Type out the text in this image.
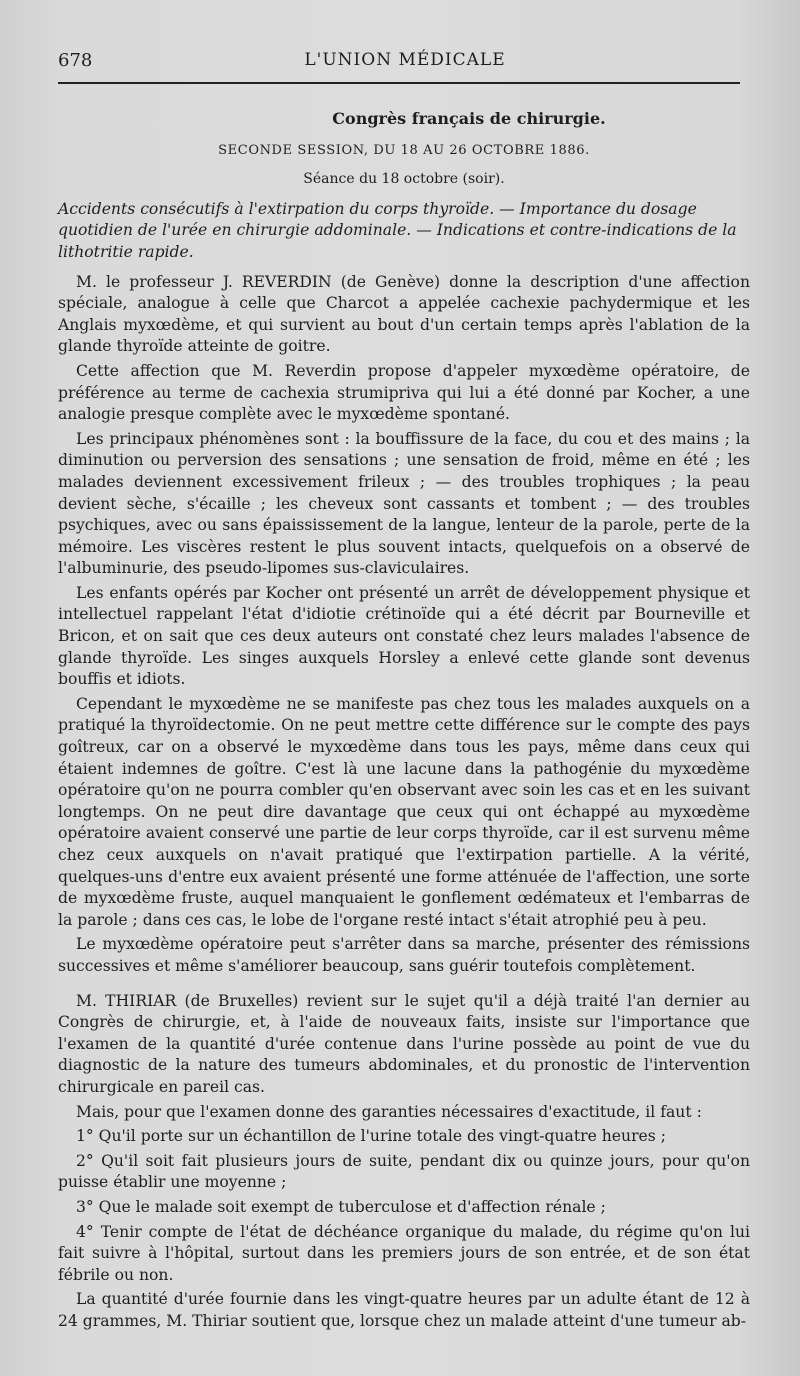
678	L'UNION MÉDICALE
Congrès français de chirurgie.
SECONDE SESSION, DU 18 AU 26 OCTOBRE 1886.
Séance du 18 octobre (soir).
Accidents consécutifs à l'extirpation du corps thyroïde. — Importance du dosage quotidien de l'urée en chirurgie addominale. — Indications et contre-indications de la lithotritie rapide.

M. le professeur J. REVERDIN (de Genève) donne la description d'une affection spéciale, analogue à celle que Charcot a appelée cachexie pachydermique et les Anglais myxœdème, et qui survient au bout d'un certain temps après l'ablation de la glande thyroïde atteinte de goitre.

Cette affection que M. Reverdin propose d'appeler myxœdème opératoire, de préférence au terme de cachexia strumipriva qui lui a été donné par Kocher, a une analogie presque complète avec le myxœdème spontané.

Les principaux phénomènes sont : la bouffissure de la face, du cou et des mains ; la diminution ou perversion des sensations ; une sensation de froid, même en été ; les malades deviennent excessivement frileux ; — des troubles trophiques ; la peau devient sèche, s'écaille ; les cheveux sont cassants et tombent ; — des troubles psychiques, avec ou sans épaississement de la langue, lenteur de la parole, perte de la mémoire. Les viscères restent le plus souvent intacts, quelquefois on a observé de l'albuminurie, des pseudo-lipomes sus-claviculaires.

Les enfants opérés par Kocher ont présenté un arrêt de développement physique et intellectuel rappelant l'état d'idiotie crétinoïde qui a été décrit par Bourneville et Bricon, et on sait que ces deux auteurs ont constaté chez leurs malades l'absence de glande thyroïde. Les singes auxquels Horsley a enlevé cette glande sont devenus bouffis et idiots.

Cependant le myxœdème ne se manifeste pas chez tous les malades auxquels on a pratiqué la thyroïdectomie. On ne peut mettre cette différence sur le compte des pays goîtreux, car on a observé le myxœdème dans tous les pays, même dans ceux qui étaient indemnes de goître. C'est là une lacune dans la pathogénie du myxœdème opératoire qu'on ne pourra combler qu'en observant avec soin les cas et en les suivant longtemps. On ne peut dire davantage que ceux qui ont échappé au myxœdème opératoire avaient conservé une partie de leur corps thyroïde, car il est survenu même chez ceux auxquels on n'avait pratiqué que l'extirpation partielle. A la vérité, quelques-uns d'entre eux avaient présenté une forme atténuée de l'affection, une sorte de myxœdème fruste, auquel manquaient le gonflement œdémateux et l'embarras de la parole ; dans ces cas, le lobe de l'organe resté intact s'était atrophié peu à peu.

Le myxœdème opératoire peut s'arrêter dans sa marche, présenter des rémissions successives et même s'améliorer beaucoup, sans guérir toutefois complètement.

M. THIRIAR (de Bruxelles) revient sur le sujet qu'il a déjà traité l'an dernier au Congrès de chirurgie, et, à l'aide de nouveaux faits, insiste sur l'importance que l'examen de la quantité d'urée contenue dans l'urine possède au point de vue du diagnostic de la nature des tumeurs abdominales, et du pronostic de l'intervention chirurgicale en pareil cas.

Mais, pour que l'examen donne des garanties nécessaires d'exactitude, il faut :

1° Qu'il porte sur un échantillon de l'urine totale des vingt-quatre heures ;

2° Qu'il soit fait plusieurs jours de suite, pendant dix ou quinze jours, pour qu'on puisse établir une moyenne ;

3° Que le malade soit exempt de tuberculose et d'affection rénale ;

4° Tenir compte de l'état de déchéance organique du malade, du régime qu'on lui fait suivre à l'hôpital, surtout dans les premiers jours de son entrée, et de son état fébrile ou non.

La quantité d'urée fournie dans les vingt-quatre heures par un adulte étant de 12 à 24 grammes, M. Thiriar soutient que, lorsque chez un malade atteint d'une tumeur ab-
